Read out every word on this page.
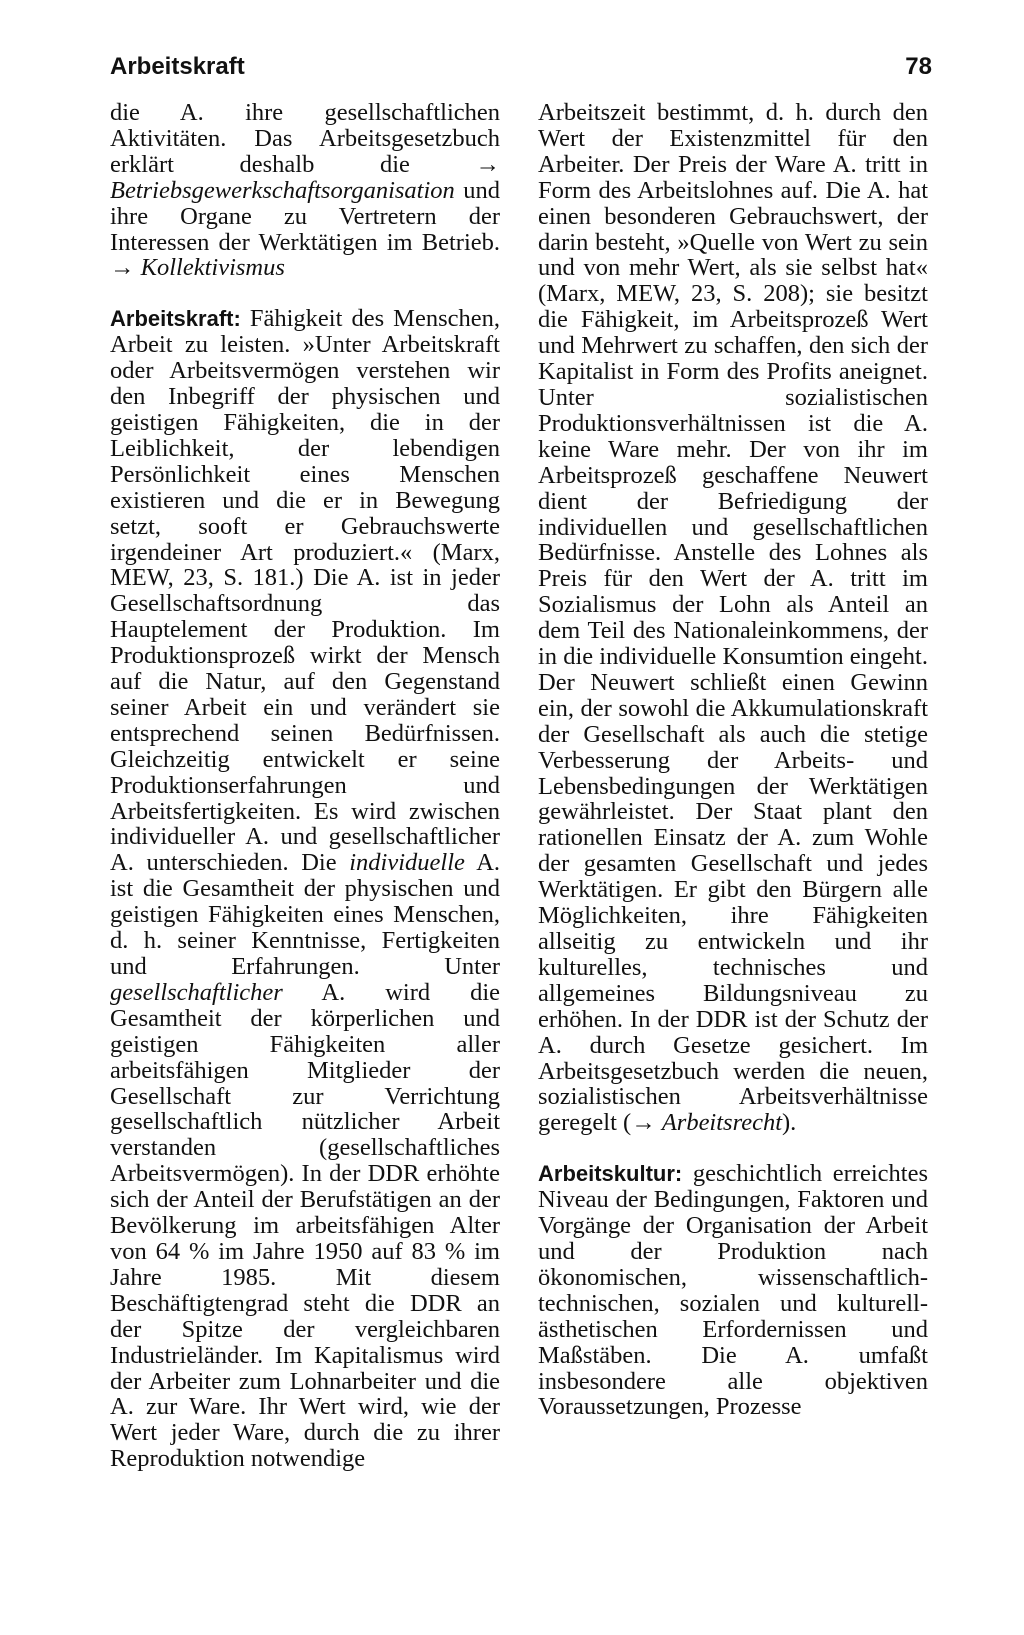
Arbeitskraft	78

die A. ihre gesellschaftlichen Aktivitäten. Das Arbeitsgesetzbuch erklärt deshalb die → Betriebsgewerkschaftsorganisation und ihre Organe zu Vertretern der Interessen der Werktätigen im Betrieb. → Kollektivismus

Arbeitskraft: Fähigkeit des Menschen, Arbeit zu leisten. »Unter Arbeitskraft oder Arbeitsvermögen verstehen wir den Inbegriff der physischen und geistigen Fähigkeiten, die in der Leiblichkeit, der lebendigen Persönlichkeit eines Menschen existieren und die er in Bewegung setzt, sooft er Gebrauchswerte irgendeiner Art produziert.« (Marx, MEW, 23, S. 181.) Die A. ist in jeder Gesellschaftsordnung das Hauptelement der Produktion. Im Produktionsprozeß wirkt der Mensch auf die Natur, auf den Gegenstand seiner Arbeit ein und verändert sie entsprechend seinen Bedürfnissen. Gleichzeitig entwickelt er seine Produktionserfahrungen und Arbeitsfertigkeiten. Es wird zwischen individueller A. und gesellschaftlicher A. unterschieden. Die individuelle A. ist die Gesamtheit der physischen und geistigen Fähigkeiten eines Menschen, d. h. seiner Kenntnisse, Fertigkeiten und Erfahrungen. Unter gesellschaftlicher A. wird die Gesamtheit der körperlichen und geistigen Fähigkeiten aller arbeitsfähigen Mitglieder der Gesellschaft zur Verrichtung gesellschaftlich nützlicher Arbeit verstanden (gesellschaftliches Arbeitsvermögen). In der DDR erhöhte sich der Anteil der Berufstätigen an der Bevölkerung im arbeitsfähigen Alter von 64 % im Jahre 1950 auf 83 % im Jahre 1985. Mit diesem Beschäftigtengrad steht die DDR an der Spitze der vergleichbaren Industrieländer. Im Kapitalismus wird der Arbeiter zum Lohnarbeiter und die A. zur Ware. Ihr Wert wird, wie der Wert jeder Ware, durch die zu ihrer Reproduktion notwendige

Arbeitszeit bestimmt, d. h. durch den Wert der Existenzmittel für den Arbeiter. Der Preis der Ware A. tritt in Form des Arbeitslohnes auf. Die A. hat einen besonderen Gebrauchswert, der darin besteht, »Quelle von Wert zu sein und von mehr Wert, als sie selbst hat« (Marx, MEW, 23, S. 208); sie besitzt die Fähigkeit, im Arbeitsprozeß Wert und Mehrwert zu schaffen, den sich der Kapitalist in Form des Profits aneignet. Unter sozialistischen Produktionsverhältnissen ist die A. keine Ware mehr. Der von ihr im Arbeitsprozeß geschaffene Neuwert dient der Befriedigung der individuellen und gesellschaftlichen Bedürfnisse. Anstelle des Lohnes als Preis für den Wert der A. tritt im Sozialismus der Lohn als Anteil an dem Teil des Nationaleinkommens, der in die individuelle Konsumtion eingeht. Der Neuwert schließt einen Gewinn ein, der sowohl die Akkumulationskraft der Gesellschaft als auch die stetige Verbesserung der Arbeits- und Lebensbedingungen der Werktätigen gewährleistet. Der Staat plant den rationellen Einsatz der A. zum Wohle der gesamten Gesellschaft und jedes Werktätigen. Er gibt den Bürgern alle Möglichkeiten, ihre Fähigkeiten allseitig zu entwickeln und ihr kulturelles, technisches und allgemeines Bildungsniveau zu erhöhen. In der DDR ist der Schutz der A. durch Gesetze gesichert. Im Arbeitsgesetzbuch werden die neuen, sozialistischen Arbeitsverhältnisse geregelt (→ Arbeitsrecht).

Arbeitskultur: geschichtlich erreichtes Niveau der Bedingungen, Faktoren und Vorgänge der Organisation der Arbeit und der Produktion nach ökonomischen, wissenschaftlich-technischen, sozialen und kulturell-ästhetischen Erfordernissen und Maßstäben. Die A. umfaßt insbesondere alle objektiven Voraussetzungen, Prozesse
